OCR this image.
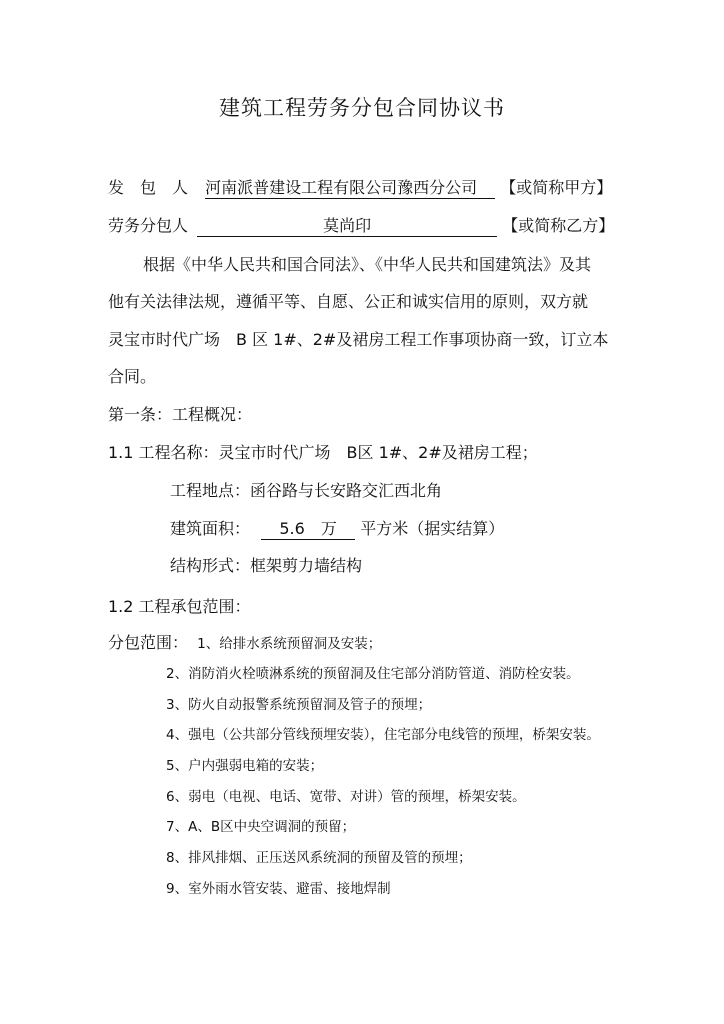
建筑工程劳务分包合同协议书
发　包　人 河南派普建设工程有限公司豫西分公司 【或简称甲方】
劳务分包人	莫尚印	【或简称乙方】
根据《中华人民共和国合同法》、《中华人民共和国建筑法》及其
他有关法律法规，遵循平等、自愿、公正和诚实信用的原则，双方就
灵宝市时代广场　B 区 1#、2#及裙房工程工作事项协商一致，订立本
合同。
第一条：工程概况：
1.1 工程名称：灵宝市时代广场　B区 1#、2#及裙房工程；
工程地点：函谷路与长安路交汇西北角
建筑面积： 5.6　万 平方米（据实结算）
结构形式：框架剪力墙结构
1.2 工程承包范围：
分包范围： 1、给排水系统预留洞及安装；
2、消防消火栓喷淋系统的预留洞及住宅部分消防管道、消防栓安装。
3、防火自动报警系统预留洞及管子的预埋；
4、强电（公共部分管线预埋安装），住宅部分电线管的预埋，桥架安装。
5、户内强弱电箱的安装；
6、弱电（电视、电话、宽带、对讲）管的预埋，桥架安装。
7、A、B区中央空调洞的预留；
8、排风排烟、正压送风系统洞的预留及管的预埋；
9、室外雨水管安装、避雷、接地焊制
